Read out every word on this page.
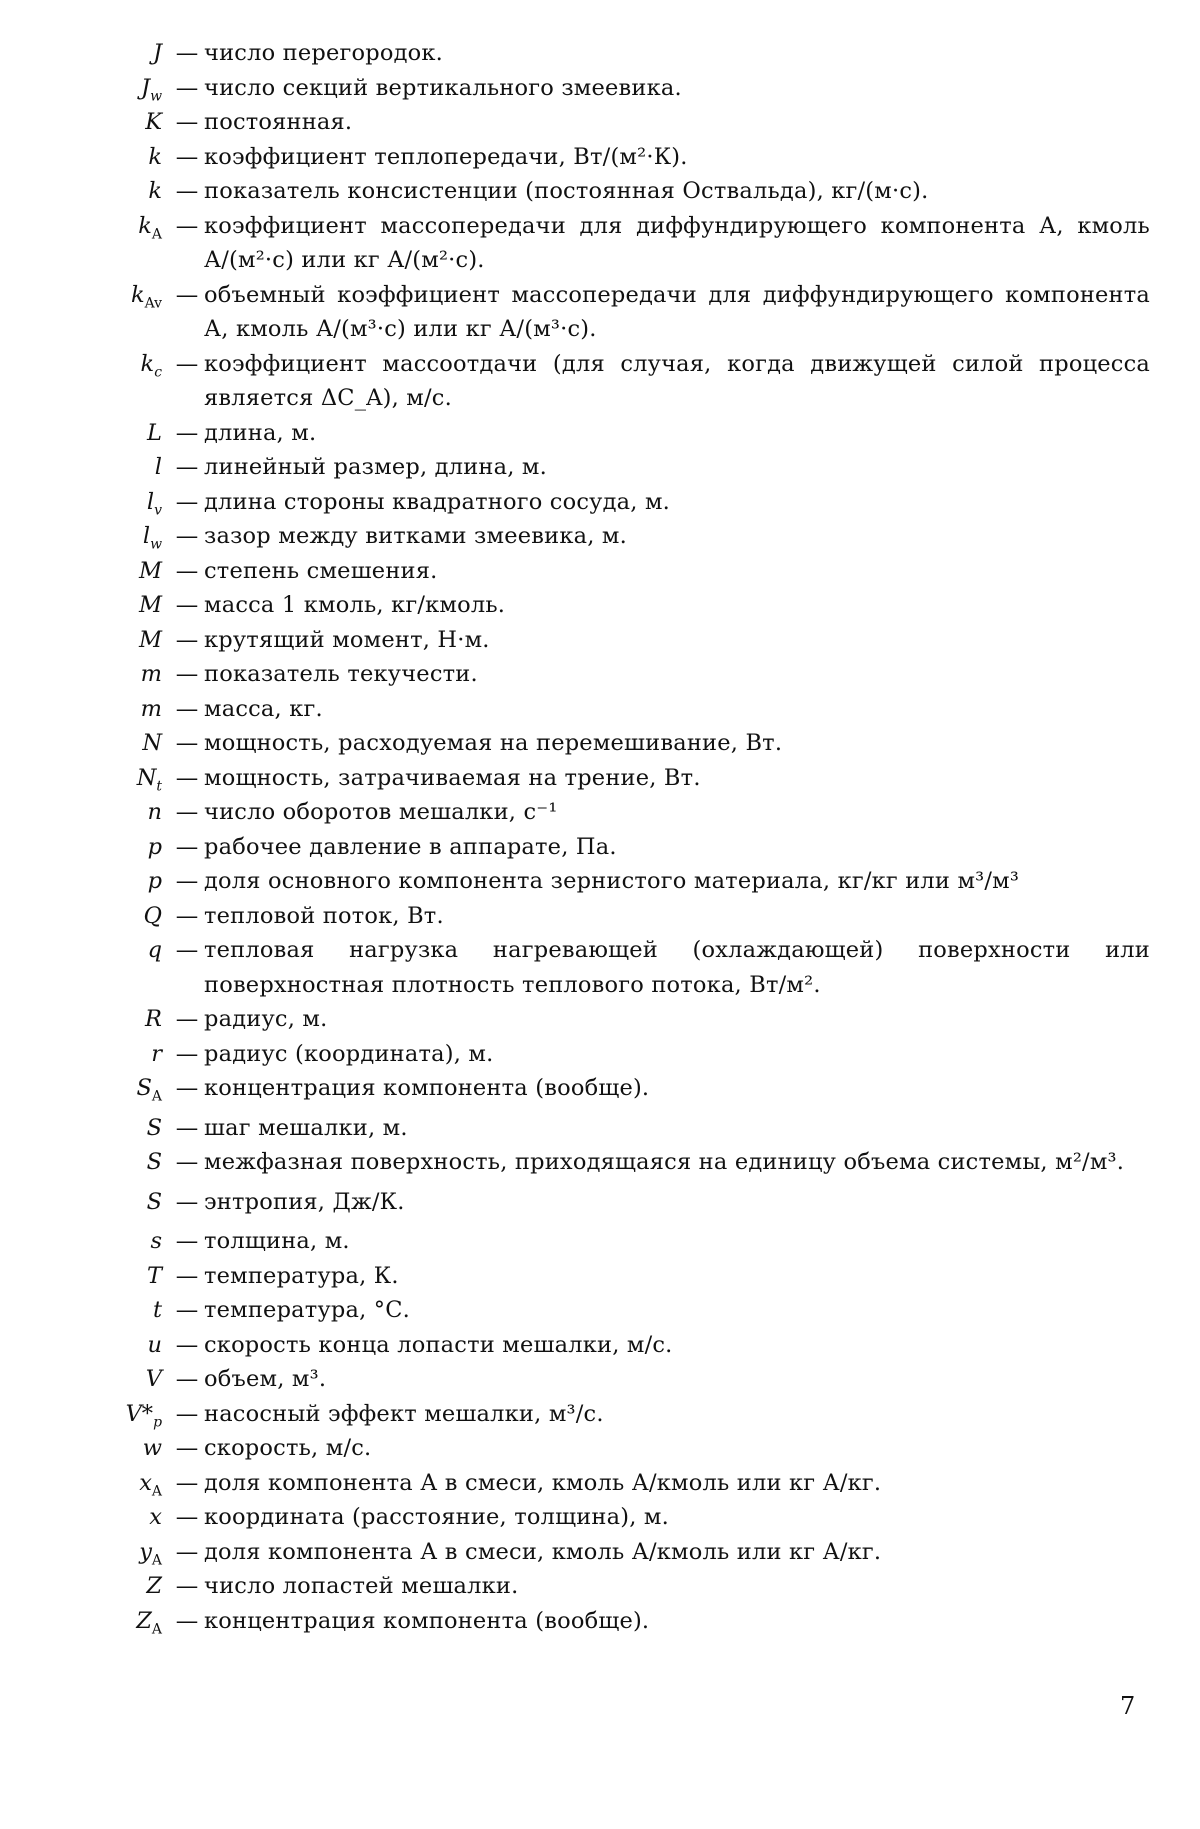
J — число перегородок.
$J_w$ — число секций вертикального змеевика.
K — постоянная.
k — коэффициент теплопередачи, Вт/(м²·К).
k — показатель консистенции (постоянная Оствальда), кг/(м·с).
$k_A$ — коэффициент массопередачи для диффундирующего компонента А, кмоль А/(м²·с) или кг А/(м²·с).
$k_{Av}$ — объемный коэффициент массопередачи для диффундирующего компонента А, кмоль А/(м³·с) или кг А/(м³·с).
$k_c$ — коэффициент массоотдачи (для случая, когда движущей силой процесса является ΔC_A), м/с.
L — длина, м.
l — линейный размер, длина, м.
$l_v$ — длина стороны квадратного сосуда, м.
$l_w$ — зазор между витками змеевика, м.
M — степень смешения.
M — масса 1 кмоль, кг/кмоль.
M — крутящий момент, Н·м.
m — показатель текучести.
m — масса, кг.
N — мощность, расходуемая на перемешивание, Вт.
$N_t$ — мощность, затрачиваемая на трение, Вт.
n — число оборотов мешалки, с⁻¹
p — рабочее давление в аппарате, Па.
p — доля основного компонента зернистого материала, кг/кг или м³/м³
Q — тепловой поток, Вт.
q — тепловая нагрузка нагревающей (охлаждающей) поверхности или поверхностная плотность теплового потока, Вт/м².
R — радиус, м.
r — радиус (координата), м.
$S_A$ — концентрация компонента (вообще).
S — шаг мешалки, м.
S — межфазная поверхность, приходящаяся на единицу объема системы, м²/м³.
S — энтропия, Дж/К.
s — толщина, м.
T — температура, К.
t — температура, °С.
u — скорость конца лопасти мешалки, м/с.
V — объем, м³.
$V*_p$ — насосный эффект мешалки, м³/с.
w — скорость, м/с.
$x_A$ — доля компонента А в смеси, кмоль А/кмоль или кг А/кг.
x — координата (расстояние, толщина), м.
$y_A$ — доля компонента А в смеси, кмоль А/кмоль или кг А/кг.
Z — число лопастей мешалки.
$Z_A$ — концентрация компонента (вообще).
7
